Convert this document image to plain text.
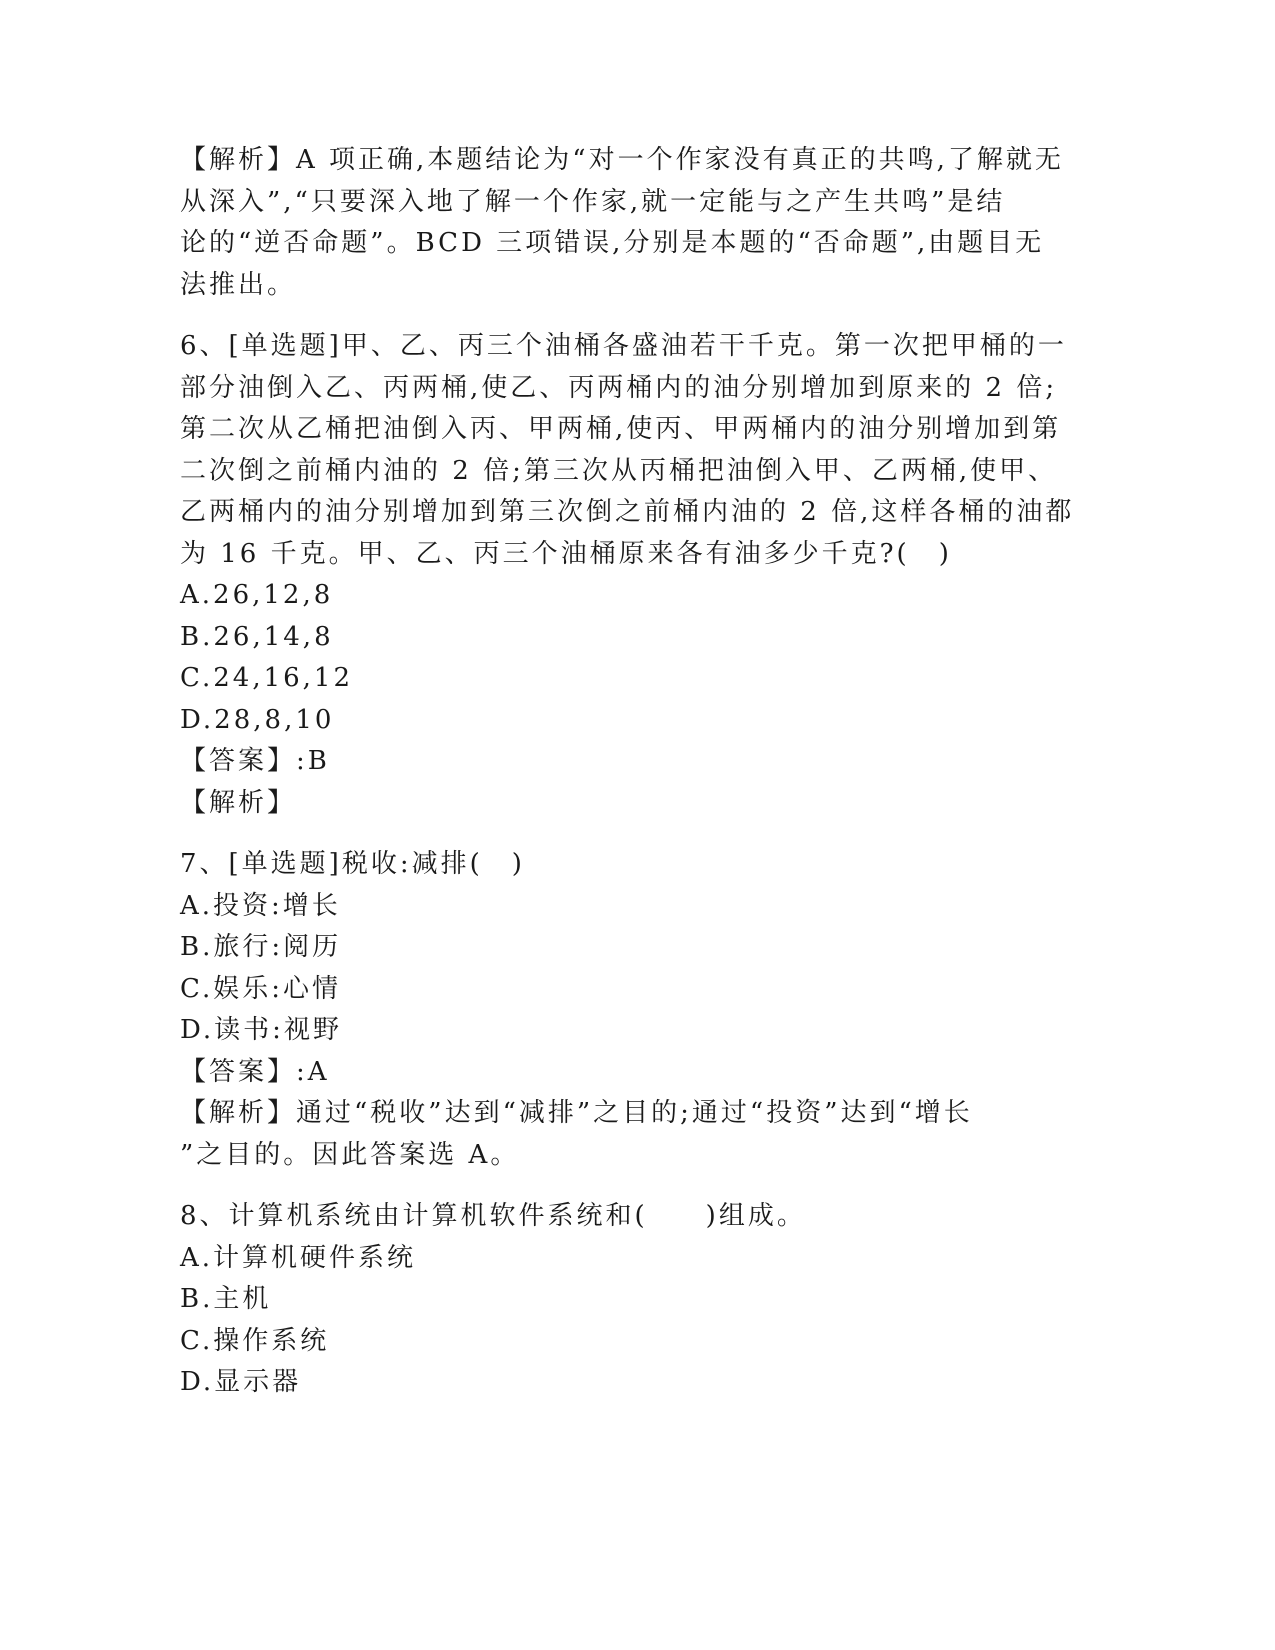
【解析】A 项正确,本题结论为“对一个作家没有真正的共鸣,了解就无

从深入”,“只要深入地了解一个作家,就一定能与之产生共鸣”是结

论的“逆否命题”。BCD 三项错误,分别是本题的“否命题”,由题目无

法推出。

6、[单选题]甲、乙、丙三个油桶各盛油若干千克。第一次把甲桶的一

部分油倒入乙、丙两桶,使乙、丙两桶内的油分别增加到原来的 2 倍;

第二次从乙桶把油倒入丙、甲两桶,使丙、甲两桶内的油分别增加到第

二次倒之前桶内油的 2 倍;第三次从丙桶把油倒入甲、乙两桶,使甲、

乙两桶内的油分别增加到第三次倒之前桶内油的 2 倍,这样各桶的油都

为 16 千克。甲、乙、丙三个油桶原来各有油多少千克?(　)

A.26,12,8

B.26,14,8

C.24,16,12

D.28,8,10

【答案】:B

【解析】

7、[单选题]税收:减排(　)

A.投资:增长

B.旅行:阅历

C.娱乐:心情

D.读书:视野

【答案】:A

【解析】通过“税收”达到“减排”之目的;通过“投资”达到“增长

”之目的。因此答案选 A。

8、计算机系统由计算机软件系统和(　　)组成。

A.计算机硬件系统

B.主机

C.操作系统

D.显示器
